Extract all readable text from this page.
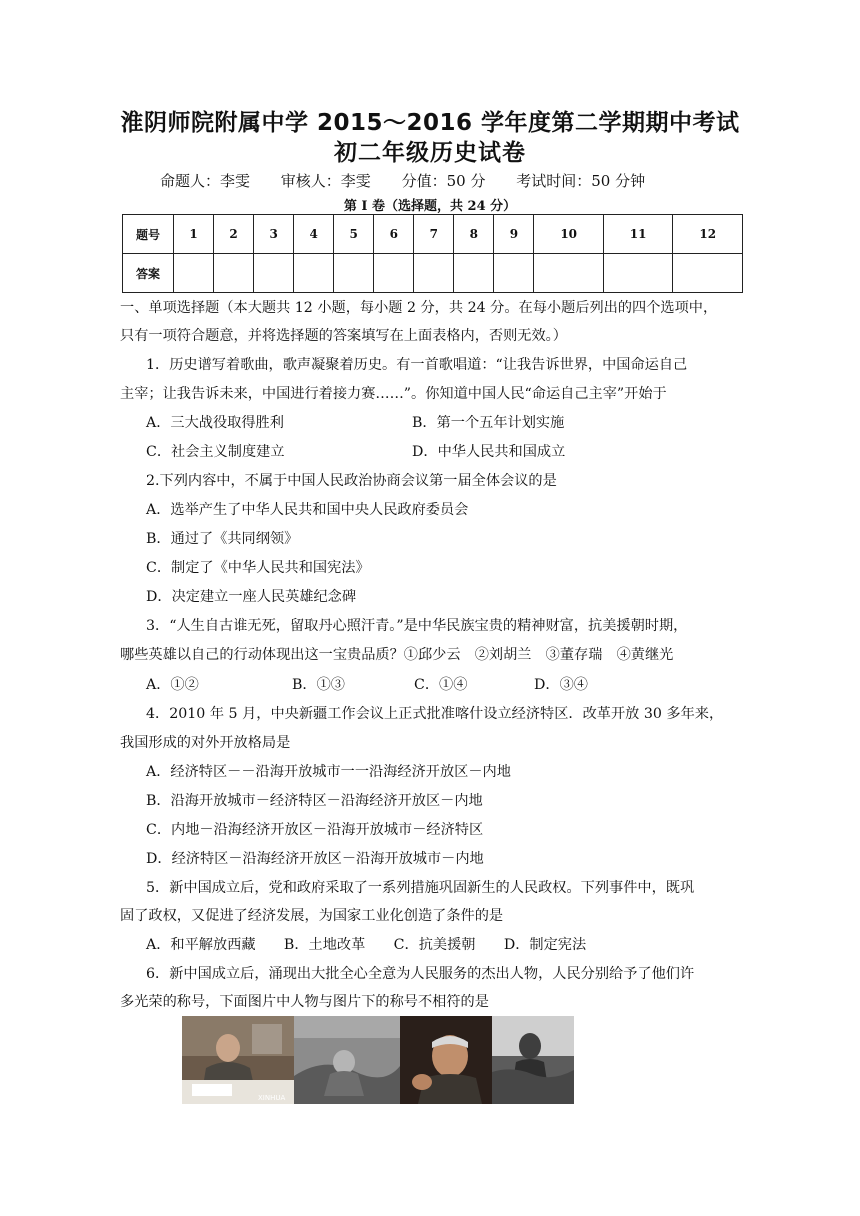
淮阴师院附属中学 2015～2016 学年度第二学期期中考试
初二年级历史试卷
命题人：李雯 审核人：李雯 分值：50 分 考试时间：50 分钟
第 I 卷（选择题，共 24 分）
题号	1	2	3	4	5	6	7	8	9	10	11	12
答案												
一、单项选择题（本大题共 12 小题，每小题 2 分，共 24 分。在每小题后列出的四个选项中，
只有一项符合题意，并将选择题的答案填写在上面表格内，否则无效。）
1．历史谱写着歌曲，歌声凝聚着历史。有一首歌唱道：“让我告诉世界，中国命运自己
主宰；让我告诉未来，中国进行着接力赛……”。你知道中国人民“命运自己主宰”开始于
A．三大战役取得胜利	B．第一个五年计划实施
C．社会主义制度建立	D．中华人民共和国成立
2.下列内容中，不属于中国人民政治协商会议第一届全体会议的是
A．选举产生了中华人民共和国中央人民政府委员会
B．通过了《共同纲领》
C．制定了《中华人民共和国宪法》
D．决定建立一座人民英雄纪念碑
3．“人生自古谁无死，留取丹心照汗青。”是中华民族宝贵的精神财富，抗美援朝时期，
哪些英雄以自己的行动体现出这一宝贵品质？①邱少云　②刘胡兰　③董存瑞　④黄继光
A．①②	B．①③	C．①④	D．③④
4．2010 年 5 月，中央新疆工作会议上正式批准喀什设立经济特区．改革开放 30 多年来，
我国形成的对外开放格局是
A．经济特区－－沿海开放城市一一沿海经济开放区－内地
B．沿海开放城市－经济特区－沿海经济开放区－内地
C．内地－沿海经济开放区－沿海开放城市－经济特区
D．经济特区－沿海经济开放区－沿海开放城市－内地
5．新中国成立后，党和政府采取了一系列措施巩固新生的人民政权。下列事件中，既巩
固了政权，又促进了经济发展，为国家工业化创造了条件的是
A．和平解放西藏　　B．土地改革　　C．抗美援朝　　D．制定宪法
6．新中国成立后，涌现出大批全心全意为人民服务的杰出人物，人民分别给予了他们许
多光荣的称号，下面图片中人物与图片下的称号不相符的是
XINHUA
